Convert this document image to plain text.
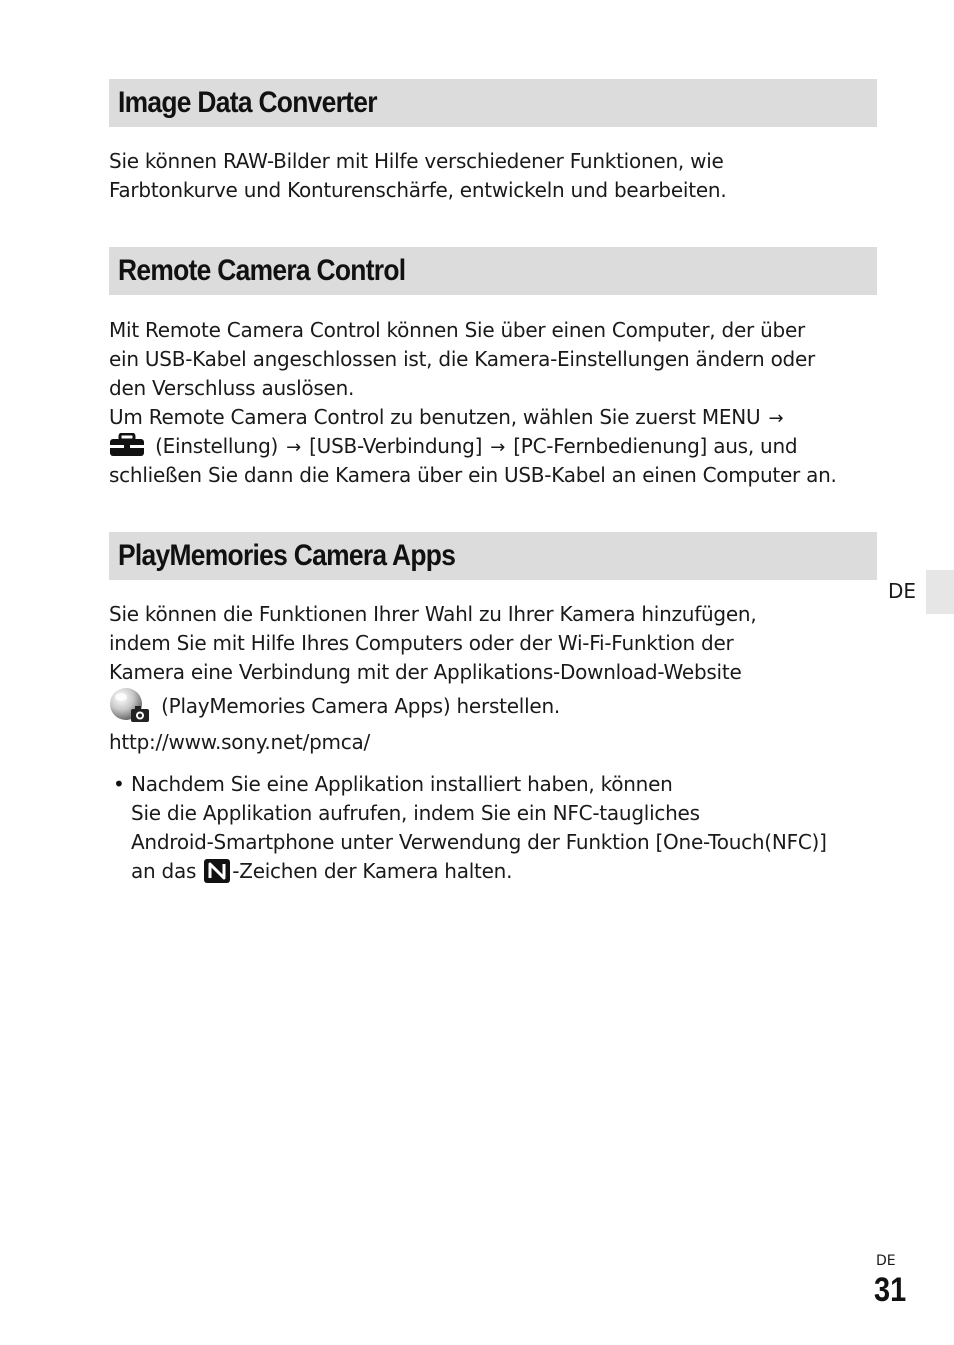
Image Data Converter
Sie können RAW-Bilder mit Hilfe verschiedener Funktionen, wie
Farbtonkurve und Konturenschärfe, entwickeln und bearbeiten.
Remote Camera Control
Mit Remote Camera Control können Sie über einen Computer, der über
ein USB-Kabel angeschlossen ist, die Kamera-Einstellungen ändern oder
den Verschluss auslösen.
Um Remote Camera Control zu benutzen, wählen Sie zuerst MENU →
(Einstellung) → [USB-Verbindung] → [PC-Fernbedienung] aus, und
schließen Sie dann die Kamera über ein USB-Kabel an einen Computer an.
PlayMemories Camera Apps
Sie können die Funktionen Ihrer Wahl zu Ihrer Kamera hinzufügen,
indem Sie mit Hilfe Ihres Computers oder der Wi-Fi-Funktion der
Kamera eine Verbindung mit der Applikations-Download-Website
(PlayMemories Camera Apps) herstellen.
http://www.sony.net/pmca/
• Nachdem Sie eine Applikation installiert haben, können
Sie die Applikation aufrufen, indem Sie ein NFC-taugliches
Android-Smartphone unter Verwendung der Funktion [One-Touch(NFC)]
an das -Zeichen der Kamera halten.
DE
DE
31
